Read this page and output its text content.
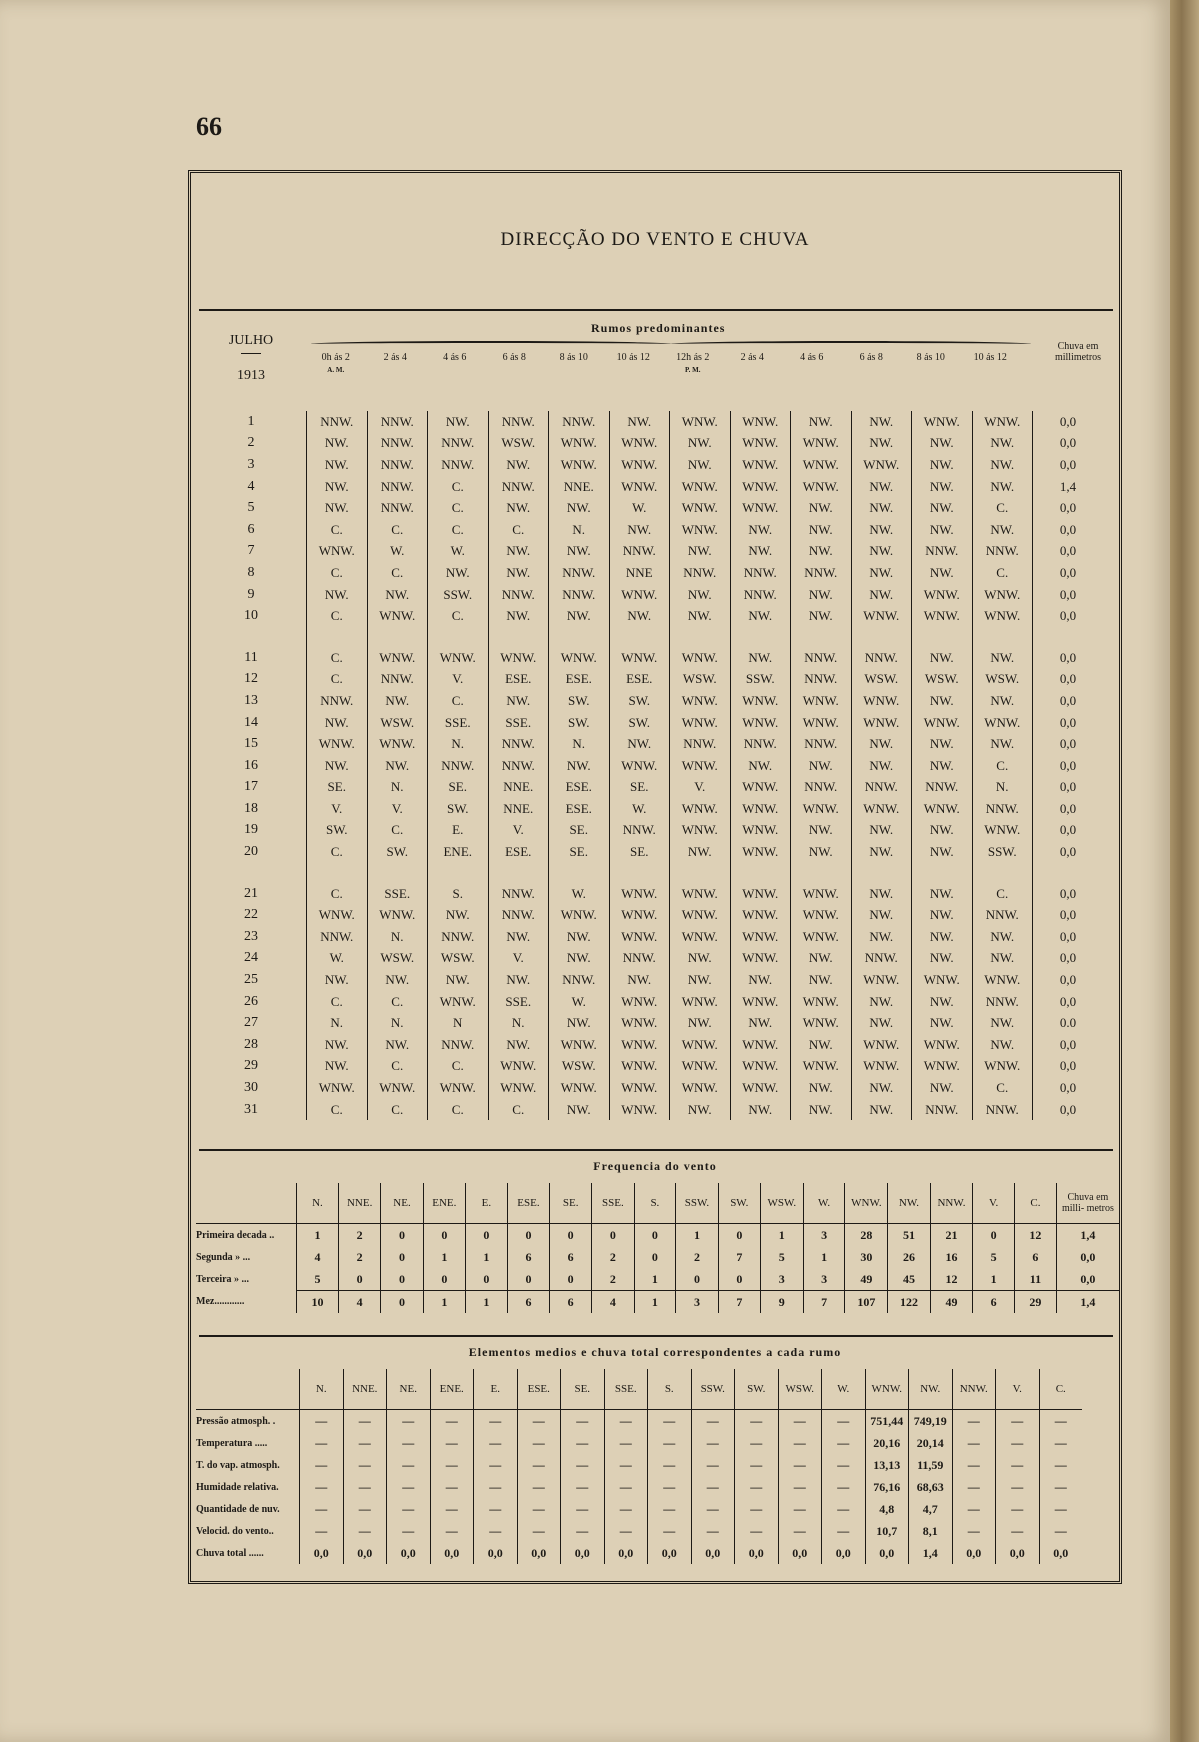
66
DIRECÇÃO DO VENTO E CHUVA
JULHO
1913
Rumos predominantes
Chuva em millimetros
0h ás 2
A. M.
2 ás 4	4 ás 6	6 ás 8	8 ás 10	10 ás 12	12h ás 2
P. M.
2 ás 4	4 ás 6	6 ás 8	8 ás 10	10 ás 12
1	NNW.	NNW.	NW.	NNW.	NNW.	NW.	WNW.	WNW.	NW.	NW.	WNW.	WNW.	0,0
2	NW.	NNW.	NNW.	WSW.	WNW.	WNW.	NW.	WNW.	WNW.	NW.	NW.	NW.	0,0
3	NW.	NNW.	NNW.	NW.	WNW.	WNW.	NW.	WNW.	WNW.	WNW.	NW.	NW.	0,0
4	NW.	NNW.	C.	NNW.	NNE.	WNW.	WNW.	WNW.	WNW.	NW.	NW.	NW.	1,4
5	NW.	NNW.	C.	NW.	NW.	W.	WNW.	WNW.	NW.	NW.	NW.	C.	0,0
6	C.	C.	C.	C.	N.	NW.	WNW.	NW.	NW.	NW.	NW.	NW.	0,0
7	WNW.	W.	W.	NW.	NW.	NNW.	NW.	NW.	NW.	NW.	NNW.	NNW.	0,0
8	C.	C.	NW.	NW.	NNW.	NNE	NNW.	NNW.	NNW.	NW.	NW.	C.	0,0
9	NW.	NW.	SSW.	NNW.	NNW.	WNW.	NW.	NNW.	NW.	NW.	WNW.	WNW.	0,0
10	C.	WNW.	C.	NW.	NW.	NW.	NW.	NW.	NW.	WNW.	WNW.	WNW.	0,0

11	C.	WNW.	WNW.	WNW.	WNW.	WNW.	WNW.	NW.	NNW.	NNW.	NW.	NW.	0,0
12	C.	NNW.	V.	ESE.	ESE.	ESE.	WSW.	SSW.	NNW.	WSW.	WSW.	WSW.	0,0
13	NNW.	NW.	C.	NW.	SW.	SW.	WNW.	WNW.	WNW.	WNW.	NW.	NW.	0,0
14	NW.	WSW.	SSE.	SSE.	SW.	SW.	WNW.	WNW.	WNW.	WNW.	WNW.	WNW.	0,0
15	WNW.	WNW.	N.	NNW.	N.	NW.	NNW.	NNW.	NNW.	NW.	NW.	NW.	0,0
16	NW.	NW.	NNW.	NNW.	NW.	WNW.	WNW.	NW.	NW.	NW.	NW.	C.	0,0
17	SE.	N.	SE.	NNE.	ESE.	SE.	V.	WNW.	NNW.	NNW.	NNW.	N.	0,0
18	V.	V.	SW.	NNE.	ESE.	W.	WNW.	WNW.	WNW.	WNW.	WNW.	NNW.	0,0
19	SW.	C.	E.	V.	SE.	NNW.	WNW.	WNW.	NW.	NW.	NW.	WNW.	0,0
20	C.	SW.	ENE.	ESE.	SE.	SE.	NW.	WNW.	NW.	NW.	NW.	SSW.	0,0

21	C.	SSE.	S.	NNW.	W.	WNW.	WNW.	WNW.	WNW.	NW.	NW.	C.	0,0
22	WNW.	WNW.	NW.	NNW.	WNW.	WNW.	WNW.	WNW.	WNW.	NW.	NW.	NNW.	0,0
23	NNW.	N.	NNW.	NW.	NW.	WNW.	WNW.	WNW.	WNW.	NW.	NW.	NW.	0,0
24	W.	WSW.	WSW.	V.	NW.	NNW.	NW.	WNW.	NW.	NNW.	NW.	NW.	0,0
25	NW.	NW.	NW.	NW.	NNW.	NW.	NW.	NW.	NW.	WNW.	WNW.	WNW.	0,0
26	C.	C.	WNW.	SSE.	W.	WNW.	WNW.	WNW.	WNW.	NW.	NW.	NNW.	0,0
27	N.	N.	N	N.	NW.	WNW.	NW.	NW.	WNW.	NW.	NW.	NW.	0.0
28	NW.	NW.	NNW.	NW.	WNW.	WNW.	WNW.	WNW.	NW.	WNW.	WNW.	NW.	0,0
29	NW.	C.	C.	WNW.	WSW.	WNW.	WNW.	WNW.	WNW.	WNW.	WNW.	WNW.	0,0
30	WNW.	WNW.	WNW.	WNW.	WNW.	WNW.	WNW.	WNW.	NW.	NW.	NW.	C.	0,0
31	C.	C.	C.	C.	NW.	WNW.	NW.	NW.	NW.	NW.	NNW.	NNW.	0,0
Frequencia do vento
	N.	NNE.	NE.	ENE.	E.	ESE.	SE.	SSE.	S.	SSW.	SW.	WSW.	W.	WNW.	NW.	NNW.	V.	C.	Chuva em milli- metros
Primeira decada ..	1	2	0	0	0	0	0	0	0	1	0	1	3	28	51	21	0	12	1,4
Segunda » ...	4	2	0	1	1	6	6	2	0	2	7	5	1	30	26	16	5	6	0,0
Terceira » ...	5	0	0	0	0	0	0	2	1	0	0	3	3	49	45	12	1	11	0,0
Mez............	10	4	0	1	1	6	6	4	1	3	7	9	7	107	122	49	6	29	1,4
Elementos medios e chuva total correspondentes a cada rumo
	N.	NNE.	NE.	ENE.	E.	ESE.	SE.	SSE.	S.	SSW.	SW.	WSW.	W.	WNW.	NW.	NNW.	V.	C.
Pressão atmosph. .	—	—	—	—	—	—	—	—	—	—	—	—	—	751,44	749,19	—	—	—
Temperatura .....	—	—	—	—	—	—	—	—	—	—	—	—	—	20,16	20,14	—	—	—
T. do vap. atmosph.	—	—	—	—	—	—	—	—	—	—	—	—	—	13,13	11,59	—	—	—
Humidade relativa.	—	—	—	—	—	—	—	—	—	—	—	—	—	76,16	68,63	—	—	—
Quantidade de nuv.	—	—	—	—	—	—	—	—	—	—	—	—	—	4,8	4,7	—	—	—
Velocid. do vento..	—	—	—	—	—	—	—	—	—	—	—	—	—	10,7	8,1	—	—	—
Chuva total ......	0,0	0,0	0,0	0,0	0,0	0,0	0,0	0,0	0,0	0,0	0,0	0,0	0,0	0,0	1,4	0,0	0,0	0,0
